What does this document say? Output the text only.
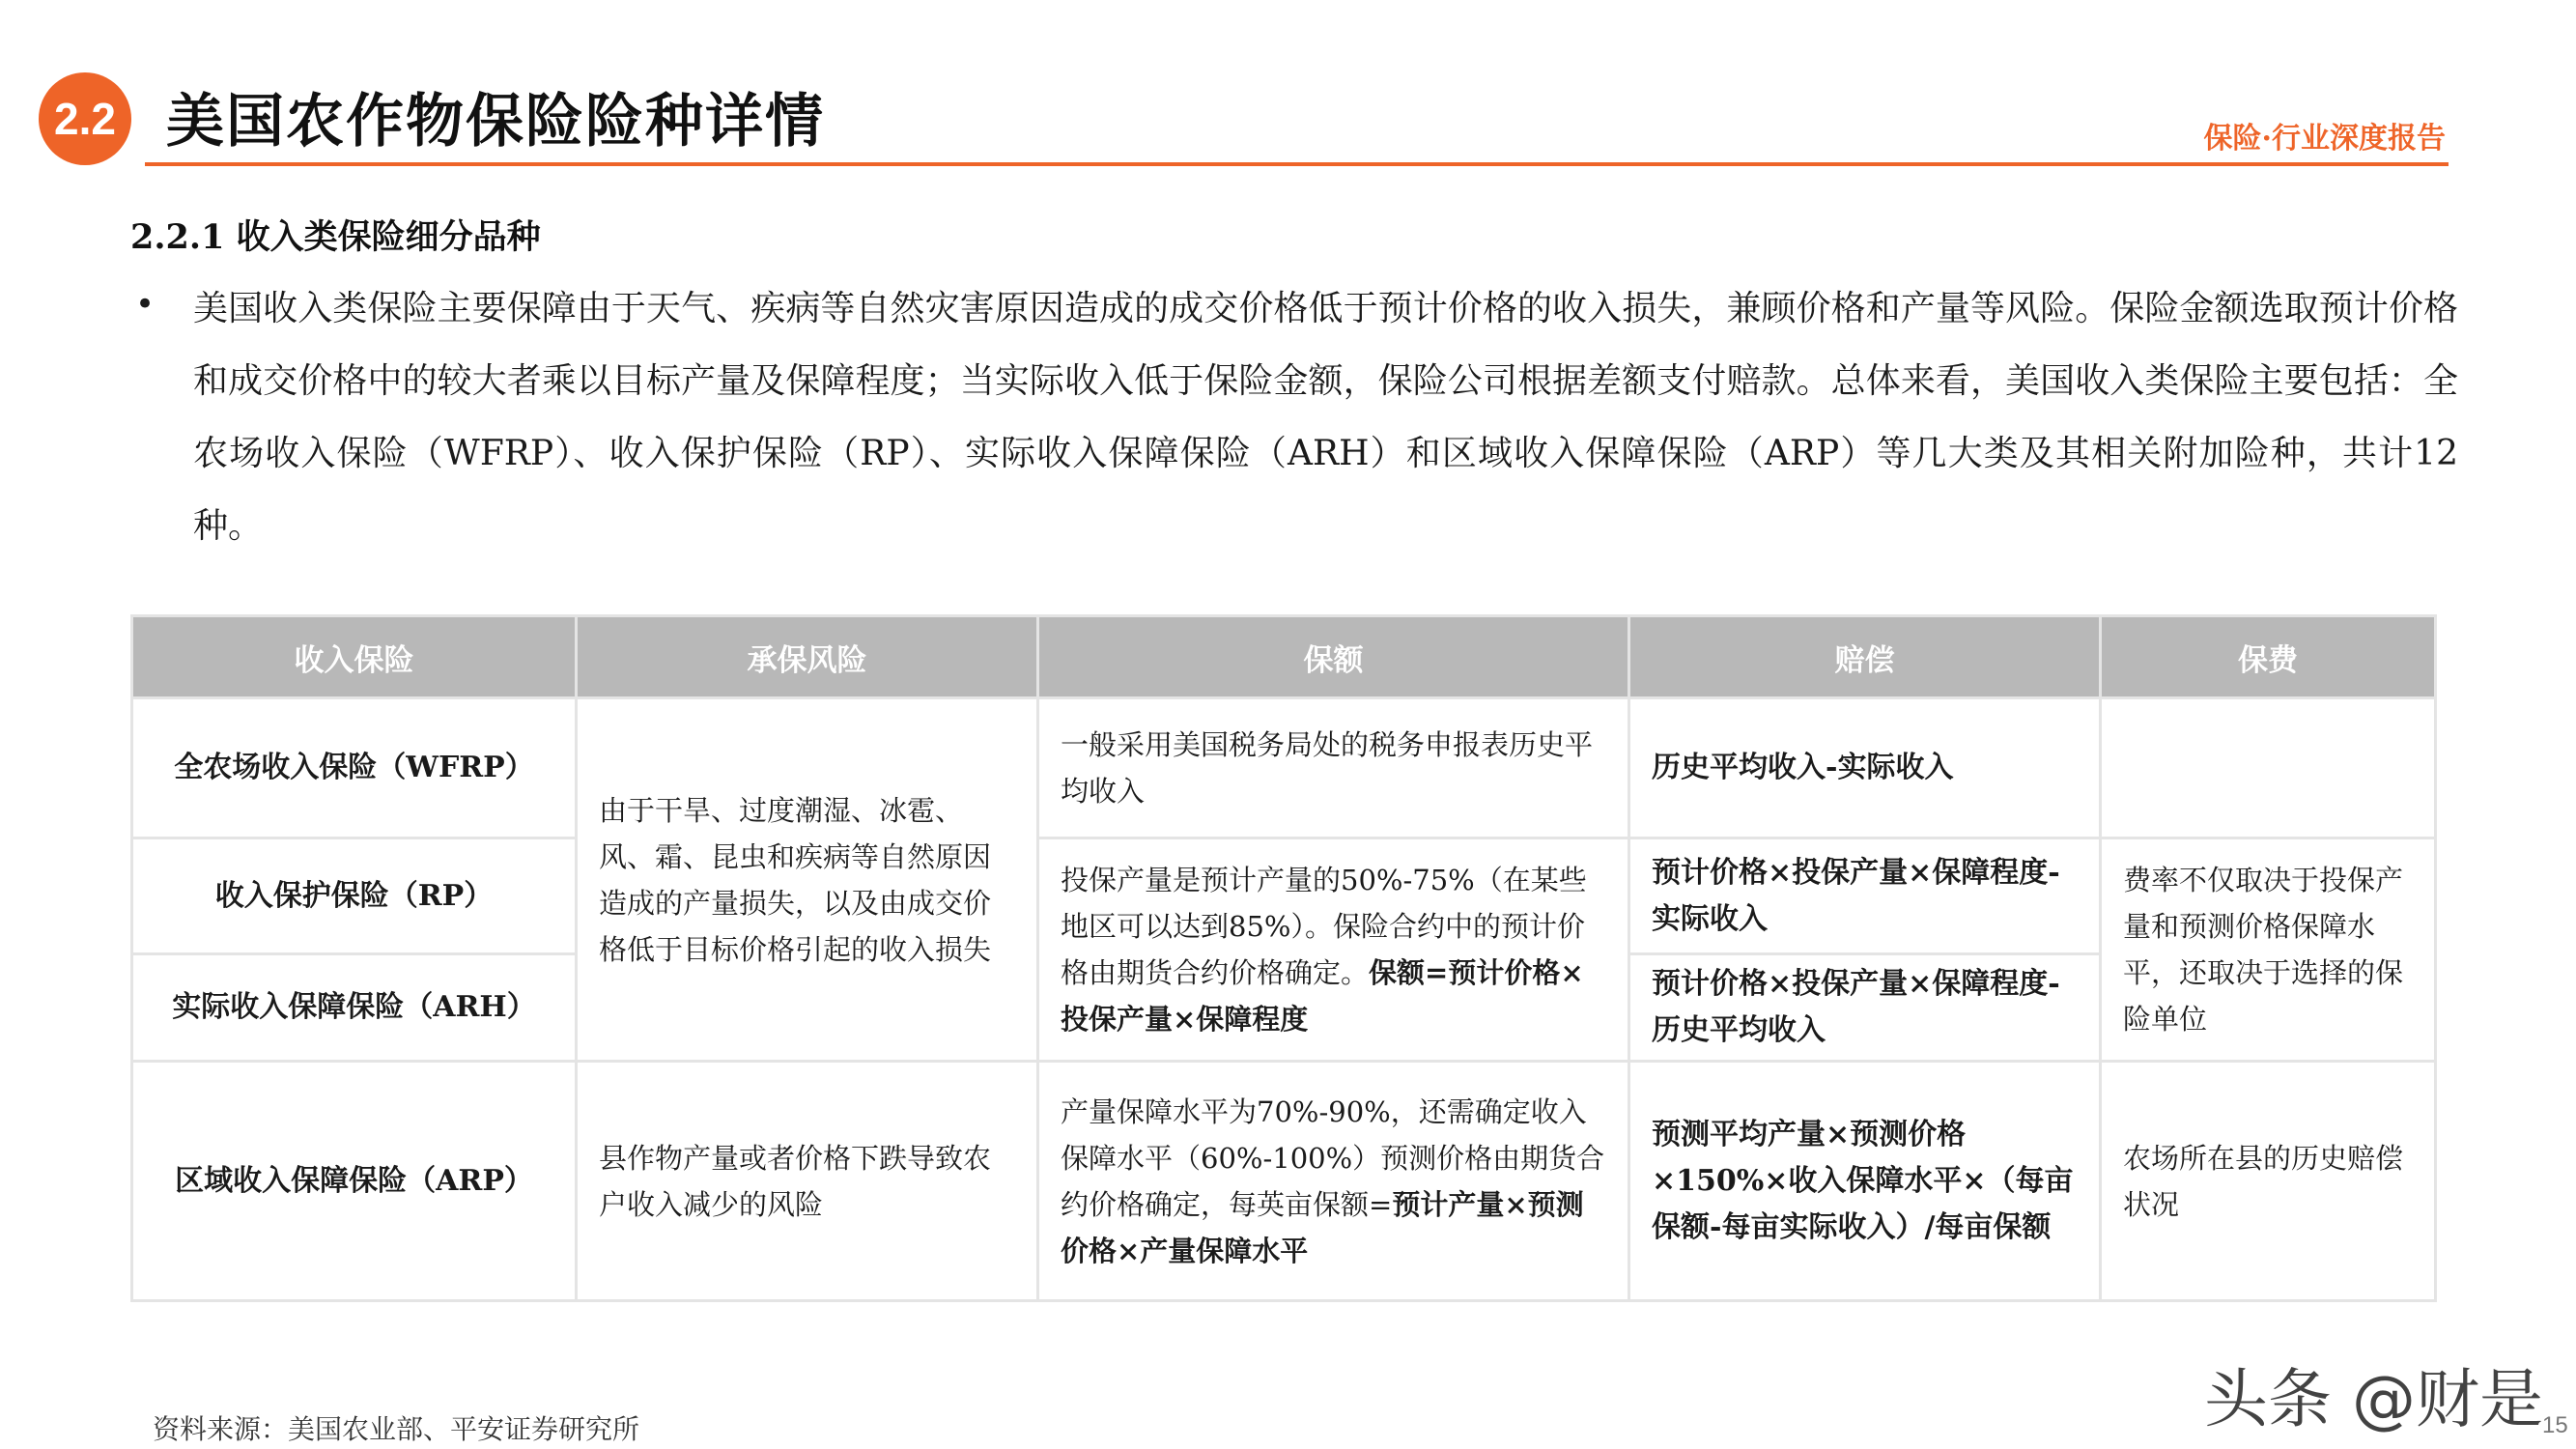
2.2 美国农作物保险险种详情	保险·行业深度报告
2.2.1 收入类保险细分品种
• 美国收入类保险主要保障由于天气、疾病等自然灾害原因造成的成交价格低于预计价格的收入损失，兼顾价格和产量等风险。保险金额选取预计价格和成交价格中的较大者乘以目标产量及保障程度；当实际收入低于保险金额，保险公司根据差额支付赔款。总体来看，美国收入类保险主要包括：全农场收入保险（WFRP）、收入保护保险（RP）、实际收入保障保险（ARH）和区域收入保障保险（ARP）等几大类及其相关附加险种，共计12种。
收入保险	承保风险	保额	赔偿	保费
全农场收入保险（WFRP）	由于干旱、过度潮湿、冰雹、风、霜、昆虫和疾病等自然原因造成的产量损失，以及由成交价格低于目标价格引起的收入损失	一般采用美国税务局处的税务申报表历史平均收入	历史平均收入-实际收入	
收入保护保险（RP）		投保产量是预计产量的50%-75%（在某些地区可以达到85%）。保险合约中的预计价格由期货合约价格确定。保额=预计价格×投保产量×保障程度	预计价格×投保产量×保障程度-实际收入	费率不仅取决于投保产量和预测价格保障水平，还取决于选择的保险单位
实际收入保障保险（ARH）			预计价格×投保产量×保障程度-历史平均收入	
区域收入保障保险（ARP）	县作物产量或者价格下跌导致农户收入减少的风险	产量保障水平为70%-90%，还需确定收入保障水平（60%-100%）预测价格由期货合约价格确定，每英亩保额=预计产量×预测价格×产量保障水平	预测平均产量×预测价格×150%×收入保障水平×（每亩保额-每亩实际收入）/每亩保额	农场所在县的历史赔偿状况
资料来源：美国农业部、平安证券研究所	头条 @财是 15
